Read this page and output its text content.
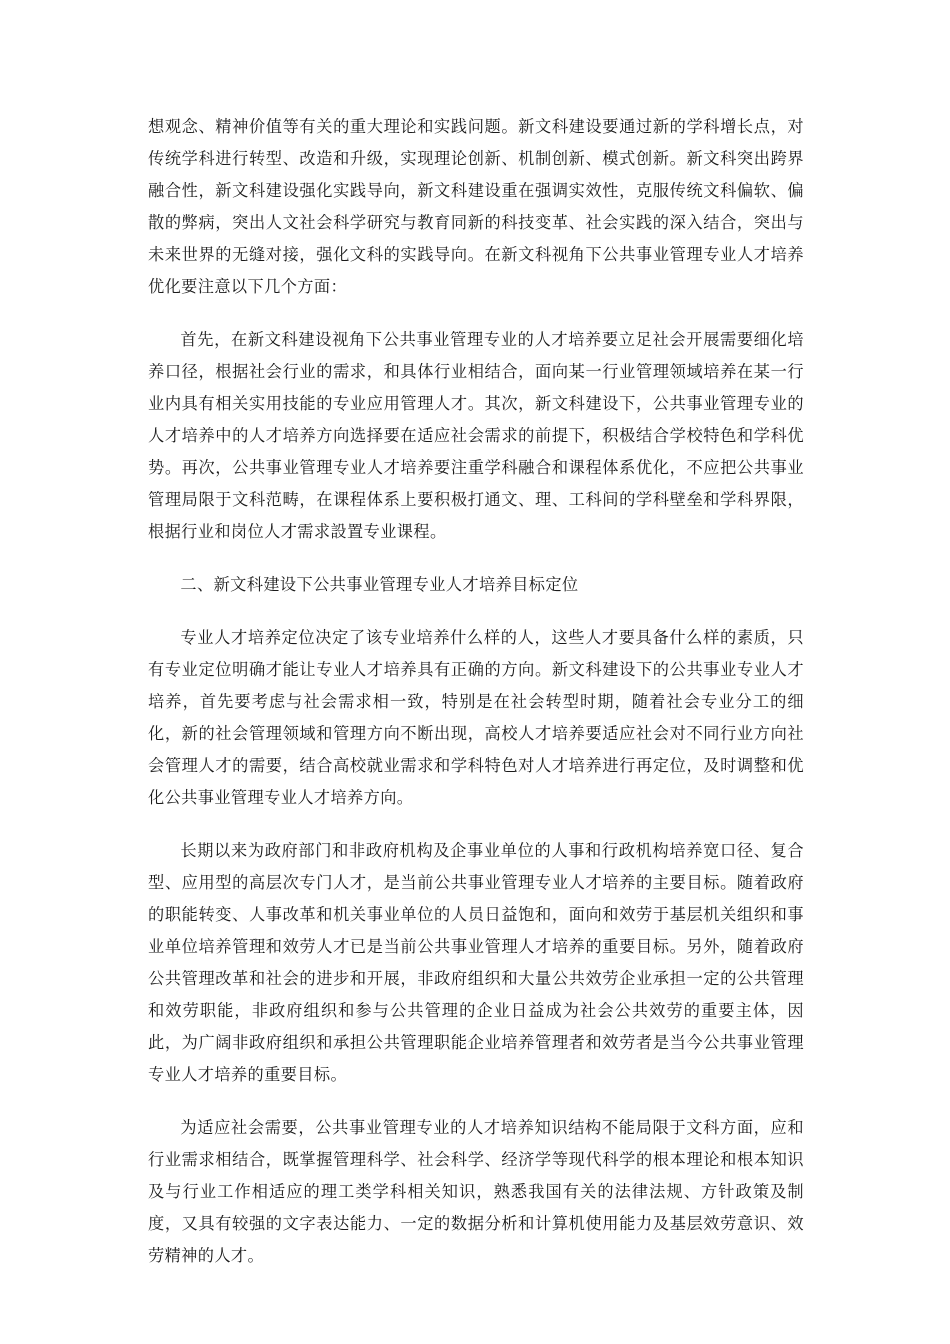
想观念、精神价值等有关的重大理论和实践问题。新文科建设要通过新的学科增长点，对传统学科进行转型、改造和升级，实现理论创新、机制创新、模式创新。新文科突出跨界融合性，新文科建设强化实践导向，新文科建设重在强调实效性，克服传统文科偏软、偏散的弊病，突出人文社会科学研究与教育同新的科技变革、社会实践的深入结合，突出与未来世界的无缝对接，强化文科的实践导向。在新文科视角下公共事业管理专业人才培养优化要注意以下几个方面：

首先，在新文科建设视角下公共事业管理专业的人才培养要立足社会开展需要细化培养口径，根据社会行业的需求，和具体行业相结合，面向某一行业管理领域培养在某一行业内具有相关实用技能的专业应用管理人才。其次，新文科建设下，公共事业管理专业的人才培养中的人才培养方向选择要在适应社会需求的前提下，积极结合学校特色和学科优势。再次，公共事业管理专业人才培养要注重学科融合和课程体系优化，不应把公共事业管理局限于文科范畴，在课程体系上要积极打通文、理、工科间的学科壁垒和学科界限，根据行业和岗位人才需求設置专业课程。

二、新文科建设下公共事业管理专业人才培养目标定位

专业人才培养定位决定了该专业培养什么样的人，这些人才要具备什么样的素质，只有专业定位明确才能让专业人才培养具有正确的方向。新文科建设下的公共事业专业人才培养，首先要考虑与社会需求相一致，特别是在社会转型时期，随着社会专业分工的细化，新的社会管理领域和管理方向不断出现，高校人才培养要适应社会对不同行业方向社会管理人才的需要，结合高校就业需求和学科特色对人才培养进行再定位，及时调整和优化公共事业管理专业人才培养方向。

长期以来为政府部门和非政府机构及企事业单位的人事和行政机构培养宽口径、复合型、应用型的高层次专门人才，是当前公共事业管理专业人才培养的主要目标。随着政府的职能转变、人事改革和机关事业单位的人员日益饱和，面向和效劳于基层机关组织和事业单位培养管理和效劳人才已是当前公共事业管理人才培养的重要目标。另外，随着政府公共管理改革和社会的进步和开展，非政府组织和大量公共效劳企业承担一定的公共管理和效劳职能，非政府组织和参与公共管理的企业日益成为社会公共效劳的重要主体，因此，为广阔非政府组织和承担公共管理职能企业培养管理者和效劳者是当今公共事业管理专业人才培养的重要目标。

为适应社会需要，公共事业管理专业的人才培养知识结构不能局限于文科方面，应和行业需求相结合，既掌握管理科学、社会科学、经济学等现代科学的根本理论和根本知识及与行业工作相适应的理工类学科相关知识，熟悉我国有关的法律法规、方针政策及制度，又具有较强的文字表达能力、一定的数据分析和计算机使用能力及基层效劳意识、效劳精神的人才。
